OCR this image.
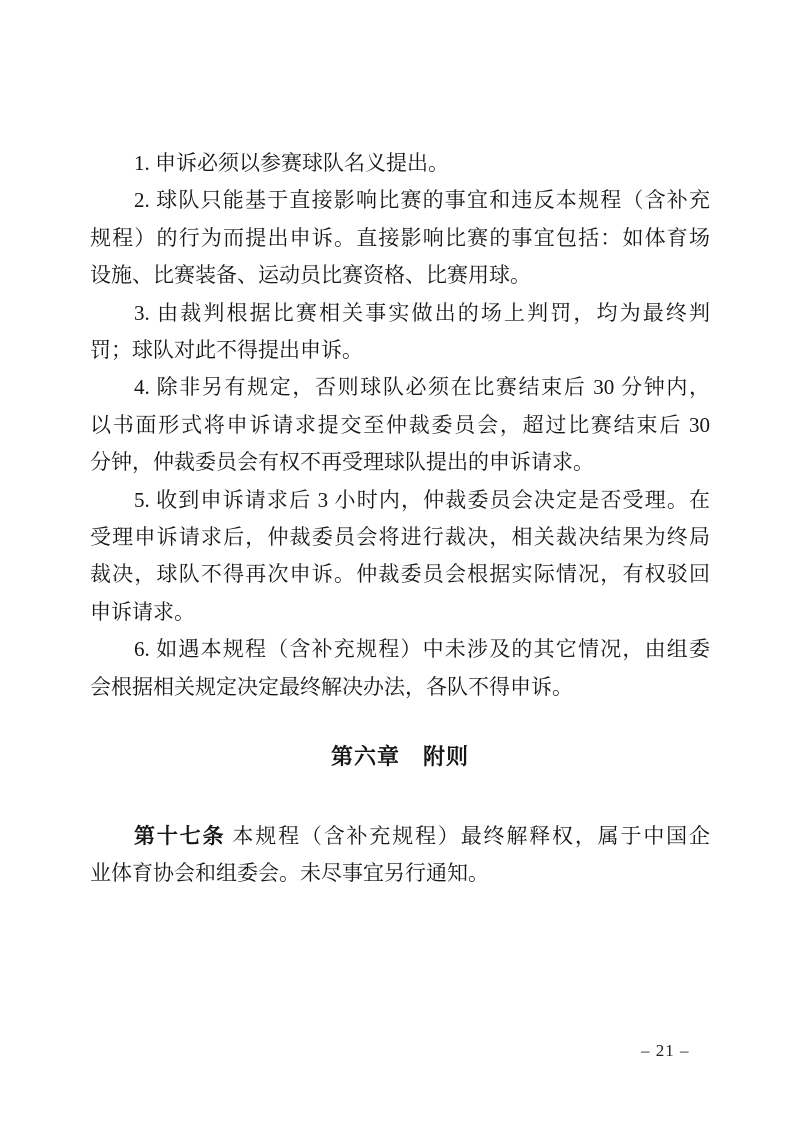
1. 申诉必须以参赛球队名义提出。
2. 球队只能基于直接影响比赛的事宜和违反本规程（含补充
规程）的行为而提出申诉。直接影响比赛的事宜包括：如体育场
设施、比赛装备、运动员比赛资格、比赛用球。
3. 由裁判根据比赛相关事实做出的场上判罚，均为最终判
罚；球队对此不得提出申诉。
4. 除非另有规定，否则球队必须在比赛结束后 30 分钟内，
以书面形式将申诉请求提交至仲裁委员会，超过比赛结束后 30
分钟，仲裁委员会有权不再受理球队提出的申诉请求。
5. 收到申诉请求后 3 小时内，仲裁委员会决定是否受理。在
受理申诉请求后，仲裁委员会将进行裁决，相关裁决结果为终局
裁决，球队不得再次申诉。仲裁委员会根据实际情况，有权驳回
申诉请求。
6. 如遇本规程（含补充规程）中未涉及的其它情况，由组委
会根据相关规定决定最终解决办法，各队不得申诉。
第六章　附则
第十七条 本规程（含补充规程）最终解释权，属于中国企
业体育协会和组委会。未尽事宜另行通知。
– 21 –
